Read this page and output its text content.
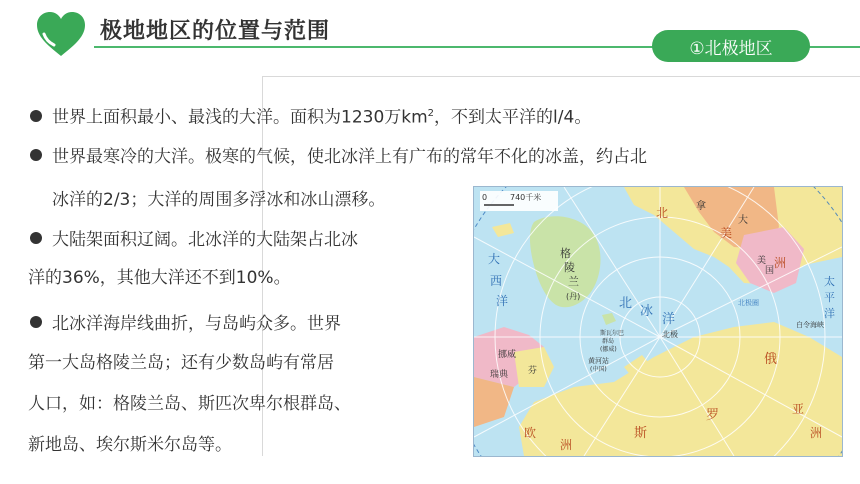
极地地区的位置与范围
①北极地区
世界上面积最小、最浅的大洋。面积为1230万$km^2$，不到太平洋的l/4。
世界最寒冷的大洋。极寒的气候，使北冰洋上有广布的常年不化的冰盖，约占北
冰洋的2/3；大洋的周围多浮冰和冰山漂移。
大陆架面积辽阔。北冰洋的大陆架占北冰
洋的36%，其他大洋还不到10%。
北冰洋海岸线曲折，与岛屿众多。世界
第一大岛格陵兰岛；还有少数岛屿有常居
人口，如：格陵兰岛、斯匹次卑尔根群岛、
新地岛、埃尔斯米尔岛等。
0	740千米
格
陵
兰
(丹)
北极
斯瓦尔巴
群岛
(挪威)
黄河站
(中国)
北
冰
洋
北
美
洲
拿
大
美
国
俄
罗
斯
亚
洲
欧
洲
挪威
瑞典 芬
大
西
洋
太
平
洋
白令海峡
北极圈
